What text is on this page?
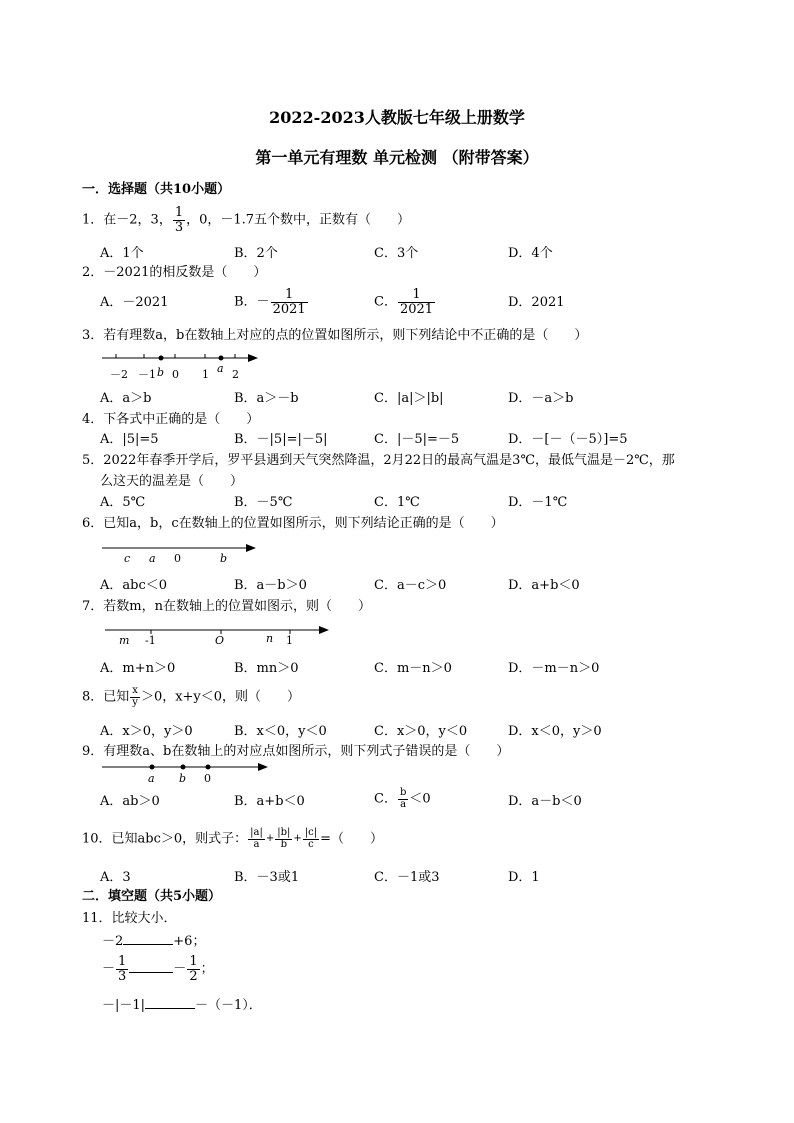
2022-2023人教版七年级上册数学
第一单元有理数 单元检测 （附带答案）
一．选择题（共10小题）
1．在－2，3， $\frac{1}{3}$ ，0，－1.7五个数中，正数有（　　）
A．1个	B．2个	C．3个	D．4个
2．－2021的相反数是（　　）
A．－2021	B．－ $\frac{1}{2021}$	C． $\frac{1}{2021}$	D．2021
3．若有理数a，b在数轴上对应的点的位置如图所示，则下列结论中不正确的是（　　）
－2 －1 0 1 2
b	a
A．a＞b	B．a＞－b	C．|a|＞|b|	D．－a＞b
4．下各式中正确的是（　　）
A．|5|=5	B．－|5|=|－5|	C．|－5|=－5	D．－[－（－5）]=5
5．2022年春季开学后，罗平县遇到天气突然降温，2月22日的最高气温是3℃，最低气温是－2℃，那
么这天的温差是（　　）
A．5℃	B．－5℃	C．1℃	D．－1℃
6．已知a，b，c在数轴上的位置如图所示，则下列结论正确的是（　　）
c a 0	b
A．abc＜0	B．a－b＞0	C．a－c＞0	D．a+b＜0
7．若数m，n在数轴上的位置如图示，则（　　）
m -1	O	n 1
A．m+n＞0	B．mn＞0	C．m－n＞0	D．－m－n＞0
8．已知 $\frac{x}{y} >0$，x+y＜0，则（　　）
A．x＞0，y＞0	B．x＜0，y＜0	C．x＞0，y＜0	D．x＜0，y＞0
9．有理数a、b在数轴上的对应点如图所示，则下列式子错误的是（　　）
a b 0
A．ab＞0	B．a+b＜0	C． $\frac{b}{a} <0$	D．a－b＜0
10．已知abc＞0，则式子： $\frac{|a|}{a} + \frac{|b|}{b} + \frac{|c|}{c}$ =（　　）
A．3	B．－3或1	C．－1或3	D．1
二．填空题（共5小题）
11．比较大小．
－2	+6；
－ $\frac{1}{3}$	－ $\frac{1}{2}$ ；
－|－1|	－（－1）．
